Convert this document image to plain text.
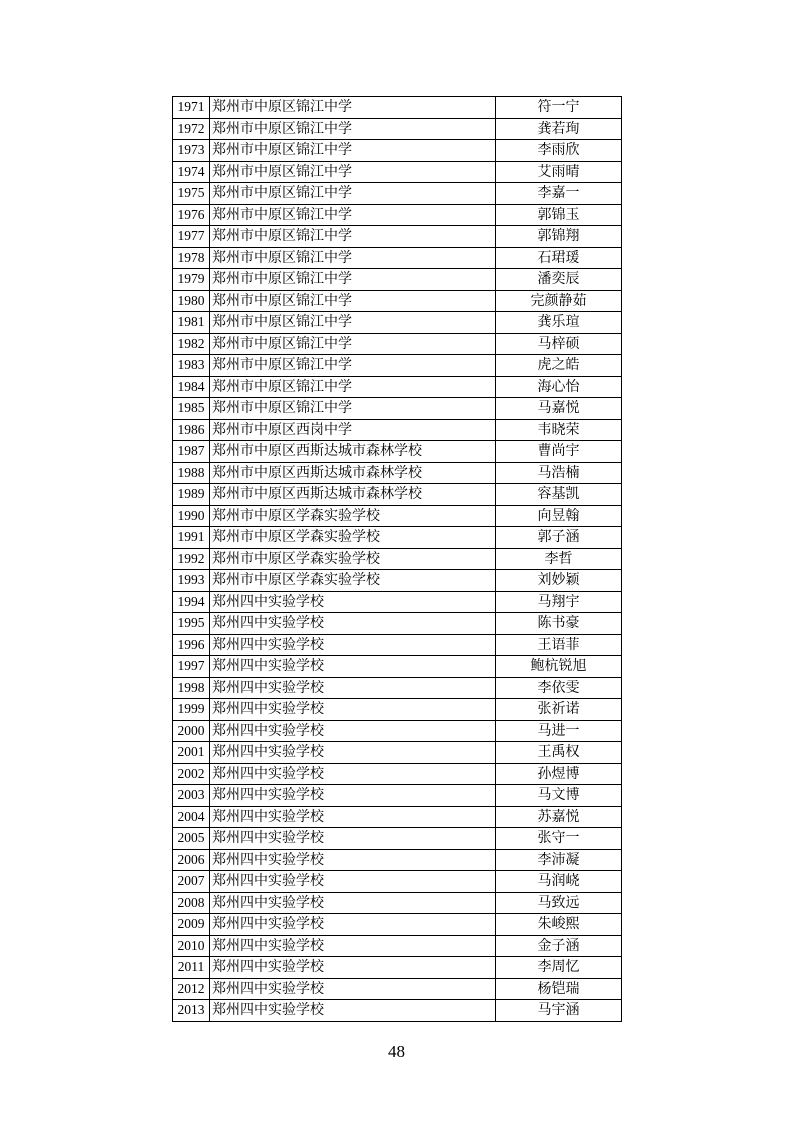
1971	郑州市中原区锦江中学	符一宁
1972	郑州市中原区锦江中学	龚若珣
1973	郑州市中原区锦江中学	李雨欣
1974	郑州市中原区锦江中学	艾雨晴
1975	郑州市中原区锦江中学	李嘉一
1976	郑州市中原区锦江中学	郭锦玉
1977	郑州市中原区锦江中学	郭锦翔
1978	郑州市中原区锦江中学	石珺瑗
1979	郑州市中原区锦江中学	潘奕辰
1980	郑州市中原区锦江中学	完颜静茹
1981	郑州市中原区锦江中学	龚乐瑄
1982	郑州市中原区锦江中学	马梓硕
1983	郑州市中原区锦江中学	虎之皓
1984	郑州市中原区锦江中学	海心怡
1985	郑州市中原区锦江中学	马嘉悦
1986	郑州市中原区西岗中学	韦晓荣
1987	郑州市中原区西斯达城市森林学校	曹尚宇
1988	郑州市中原区西斯达城市森林学校	马浩楠
1989	郑州市中原区西斯达城市森林学校	容基凯
1990	郑州市中原区学森实验学校	向昱翰
1991	郑州市中原区学森实验学校	郭子涵
1992	郑州市中原区学森实验学校	李哲
1993	郑州市中原区学森实验学校	刘妙颖
1994	郑州四中实验学校	马翔宇
1995	郑州四中实验学校	陈书豪
1996	郑州四中实验学校	王语菲
1997	郑州四中实验学校	鲍杭锐旭
1998	郑州四中实验学校	李依雯
1999	郑州四中实验学校	张祈诺
2000	郑州四中实验学校	马进一
2001	郑州四中实验学校	王禹权
2002	郑州四中实验学校	孙煜博
2003	郑州四中实验学校	马文博
2004	郑州四中实验学校	苏嘉悦
2005	郑州四中实验学校	张守一
2006	郑州四中实验学校	李沛凝
2007	郑州四中实验学校	马润峣
2008	郑州四中实验学校	马致远
2009	郑州四中实验学校	朱峻熙
2010	郑州四中实验学校	金子涵
2011	郑州四中实验学校	李周忆
2012	郑州四中实验学校	杨铠瑞
2013	郑州四中实验学校	马宇涵
48
